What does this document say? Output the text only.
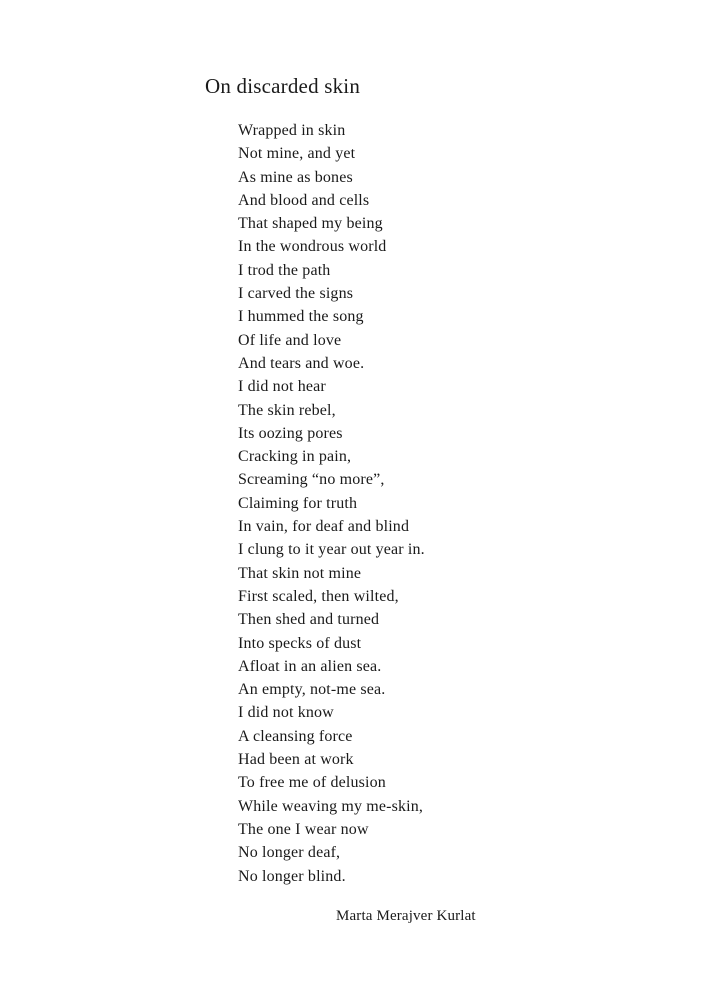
On discarded skin
Wrapped in skin
Not mine, and yet
As mine as bones
And blood and cells
That shaped my being
In the wondrous world
I trod the path
I carved the signs
I hummed the song
Of life and love
And tears and woe.
I did not hear
The skin rebel,
Its oozing pores
Cracking in pain,
Screaming “no more”,
Claiming for truth
In vain, for deaf and blind
I clung to it year out year in.
That skin not mine
First scaled, then wilted,
Then shed and turned
Into specks of dust
Afloat in an alien sea.
An empty, not-me sea.
I did not know
A cleansing force
Had been at work
To free me of delusion
While weaving my me-skin,
The one I wear now
No longer deaf,
No longer blind.
Marta Merajver Kurlat
